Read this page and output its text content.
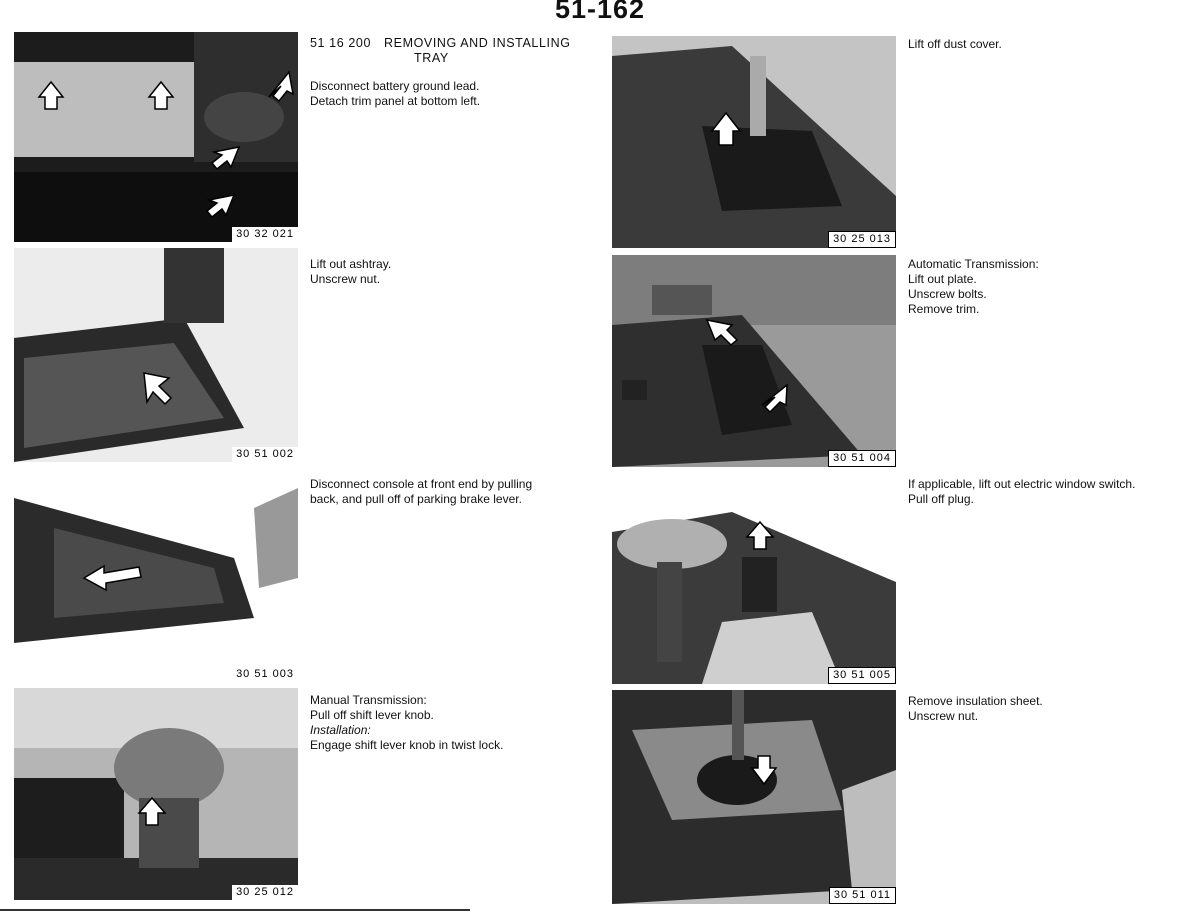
51-162
30 32 021
30 51 002
30 51 003
30 25 012
30 25 013
30 51 004
30 51 005
30 51 011
51 16 200	REMOVING AND INSTALLING
TRAY
Disconnect battery ground lead.
Detach trim panel at bottom left.
Lift out ashtray.
Unscrew nut.
Disconnect console at front end by pulling
back, and pull off of parking brake lever.
Manual Transmission:
Pull off shift lever knob.
Installation:
Engage shift lever knob in twist lock.
Lift off dust cover.
Automatic Transmission:
Lift out plate.
Unscrew bolts.
Remove trim.
If applicable, lift out electric window switch.
Pull off plug.
Remove insulation sheet.
Unscrew nut.
